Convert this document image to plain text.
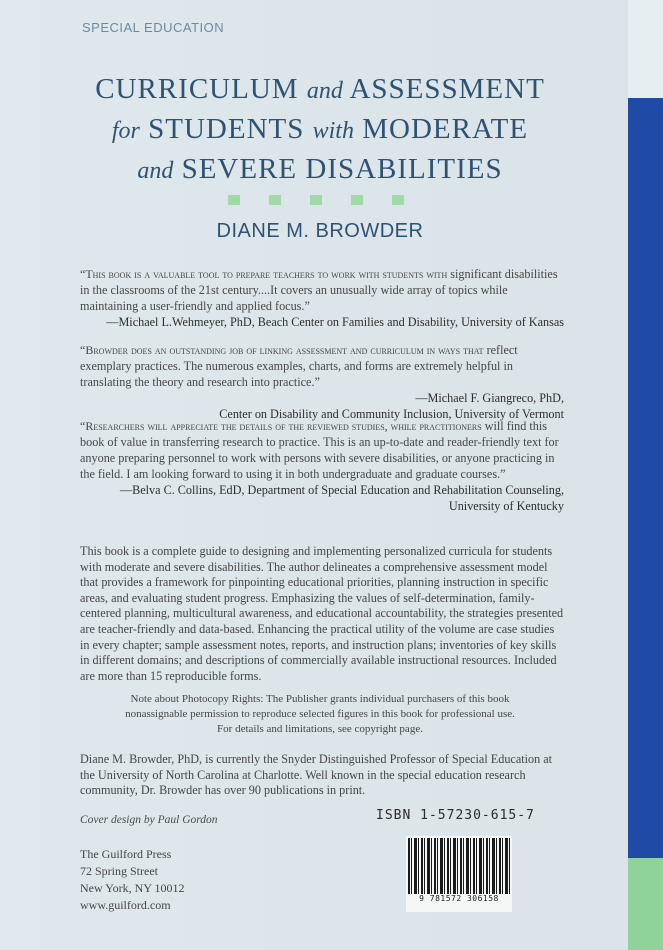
SPECIAL EDUCATION
CURRICULUM and ASSESSMENT
for STUDENTS with MODERATE
and SEVERE DISABILITIES
DIANE M. BROWDER
“This book is a valuable tool to prepare teachers to work with students with significant disabilities in the classrooms of the 21st century....It covers an unusually wide array of topics while maintaining a user-friendly and applied focus.”
—Michael L.Wehmeyer, PhD, Beach Center on Families and Disability, University of Kansas
“Browder does an outstanding job of linking assessment and curriculum in ways that reflect exemplary practices. The numerous examples, charts, and forms are extremely helpful in translating the theory and research into practice.”
—Michael F. Giangreco, PhD,
Center on Disability and Community Inclusion, University of Vermont
“Researchers will appreciate the details of the reviewed studies, while practitioners will find this book of value in transferring research to practice. This is an up-to-date and reader-friendly text for anyone preparing personnel to work with persons with severe disabilities, or anyone practicing in the field. I am looking forward to using it in both undergraduate and graduate courses.”
—Belva C. Collins, EdD, Department of Special Education and Rehabilitation Counseling,
University of Kentucky
This book is a complete guide to designing and implementing personalized curricula for students with moderate and severe disabilities. The author delineates a comprehensive assessment model that provides a framework for pinpointing educational priorities, planning instruction in specific areas, and evaluating student progress. Emphasizing the values of self-determination, family-centered planning, multicultural awareness, and educational accountability, the strategies presented are teacher-friendly and data-based. Enhancing the practical utility of the volume are case studies in every chapter; sample assessment notes, reports, and instruction plans; inventories of key skills in different domains; and descriptions of commercially available instructional resources. Included are more than 15 reproducible forms.
Note about Photocopy Rights: The Publisher grants individual purchasers of this book
nonassignable permission to reproduce selected figures in this book for professional use.
For details and limitations, see copyright page.
Diane M. Browder, PhD, is currently the Snyder Distinguished Professor of Special Education at the University of North Carolina at Charlotte. Well known in the special education research community, Dr. Browder has over 90 publications in print.
Cover design by Paul Gordon	ISBN 1-57230-615-7
The Guilford Press
72 Spring Street
New York, NY 10012
www.guilford.com	9 781572 306158
